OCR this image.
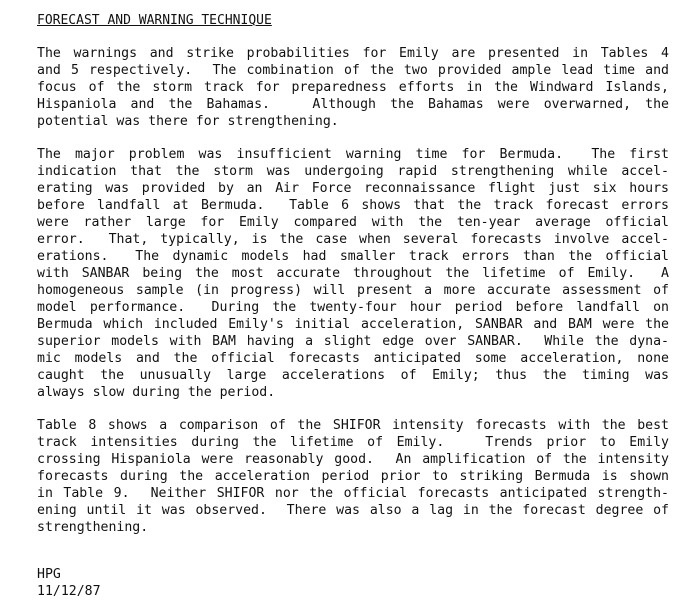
FORECAST AND WARNING TECHNIQUE
The warnings and strike probabilities for Emily are presented in Tables 4
and 5 respectively.  The combination of the two provided ample lead time and
focus of the storm track for preparedness efforts in the Windward Islands,
Hispaniola and the Bahamas.   Although the Bahamas were overwarned, the
potential was there for strengthening.
The major problem was insufficient warning time for Bermuda.  The first
indication that the storm was undergoing rapid strengthening while accel-
erating was provided by an Air Force reconnaissance flight just six hours
before landfall at Bermuda.  Table 6 shows that the track forecast errors
were rather large for Emily compared with the ten-year average official
error.  That, typically, is the case when several forecasts involve accel-
erations.  The dynamic models had smaller track errors than the official
with SANBAR being the most accurate throughout the lifetime of Emily.  A
homogeneous sample (in progress) will present a more accurate assessment of
model performance.  During the twenty-four hour period before landfall on
Bermuda which included Emily's initial acceleration, SANBAR and BAM were the
superior models with BAM having a slight edge over SANBAR.  While the dyna-
mic models and the official forecasts anticipated some acceleration, none
caught the unusually large accelerations of Emily; thus the timing was
always slow during the period.
Table 8 shows a comparison of the SHIFOR intensity forecasts with the best
track intensities during the lifetime of Emily.   Trends prior to Emily
crossing Hispaniola were reasonably good.  An amplification of the intensity
forecasts during the acceleration period prior to striking Bermuda is shown
in Table 9.  Neither SHIFOR nor the official forecasts anticipated strength-
ening until it was observed.  There was also a lag in the forecast degree of
strengthening.
HPG
11/12/87
